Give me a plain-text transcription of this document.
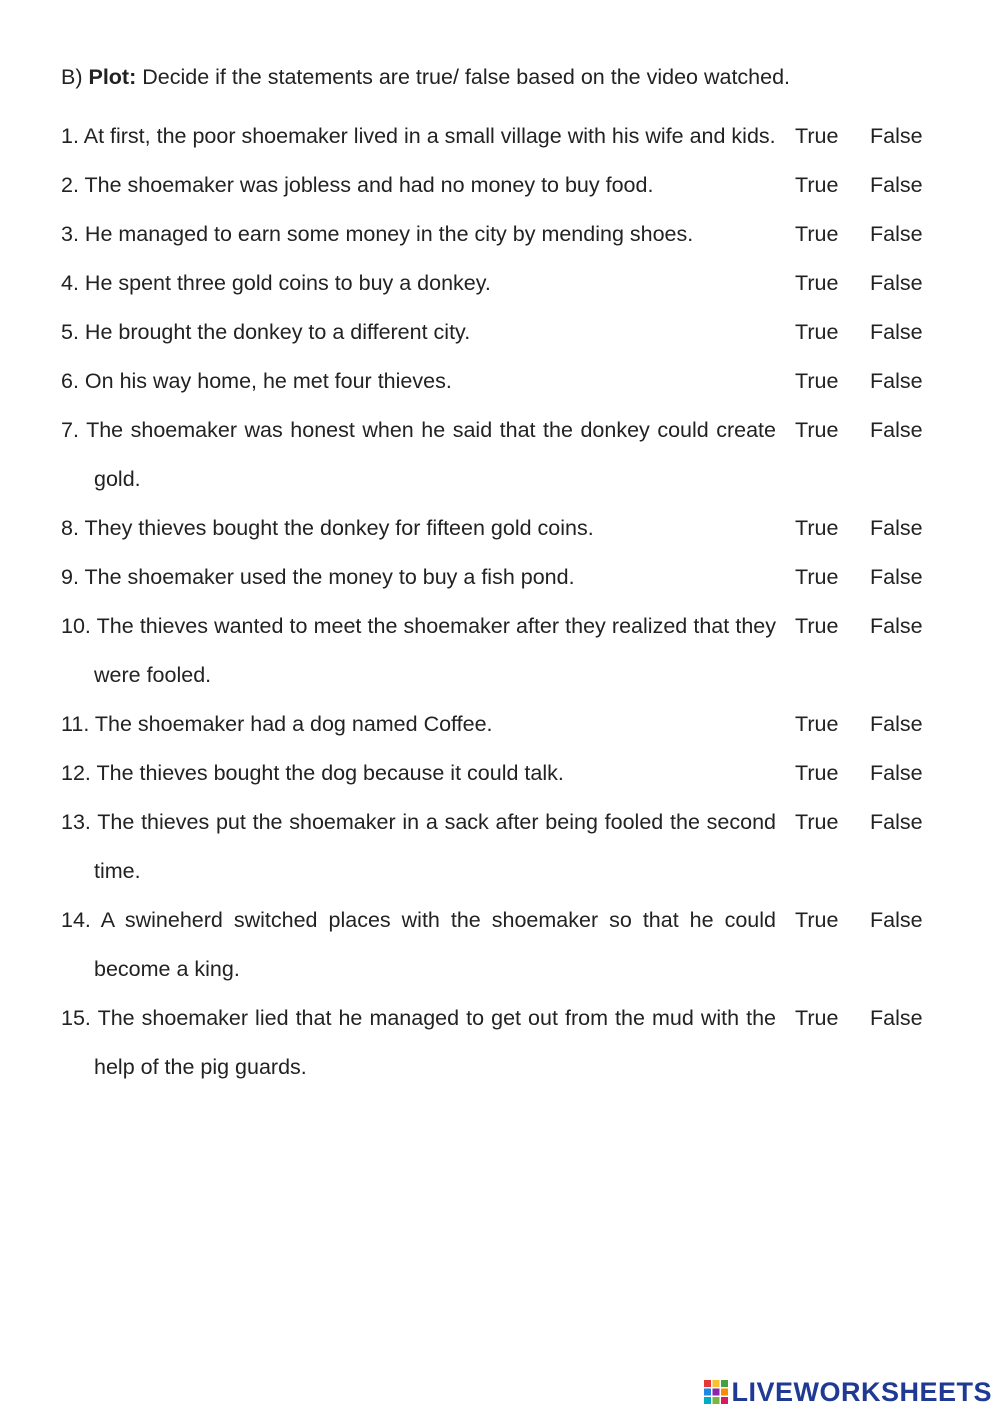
B) Plot: Decide if the statements are true/ false based on the video watched.
1. At first, the poor shoemaker lived in a small village with his wife and kids. True False
2. The shoemaker was jobless and had no money to buy food.	True False
3. He managed to earn some money in the city by mending shoes.	True False
4. He spent three gold coins to buy a donkey.	True False
5. He brought the donkey to a different city.	True False
6. On his way home, he met four thieves.	True False
7. The shoemaker was honest when he said that the donkey could create gold.
True False
8. They thieves bought the donkey for fifteen gold coins.	True False
9. The shoemaker used the money to buy a fish pond.	True False
10. The thieves wanted to meet the shoemaker after they realized that they were fooled.
True False
11. The shoemaker had a dog named Coffee.	True False
12. The thieves bought the dog because it could talk.	True False
13. The thieves put the shoemaker in a sack after being fooled the second time.
True False
14. A swineherd switched places with the shoemaker so that he could become a king.
True False
15. The shoemaker lied that he managed to get out from the mud with the help of the pig guards.
True False
LIVEWORKSHEETS
